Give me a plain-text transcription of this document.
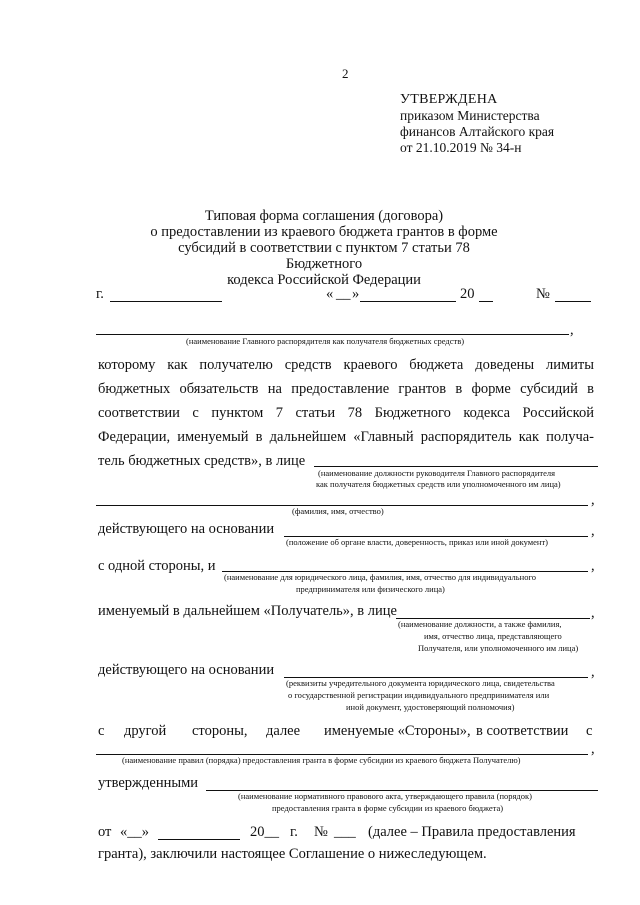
2
УТВЕРЖДЕНА
приказом Министерства
финансов Алтайского края
от 21.10.2019 № 34-н
Типовая форма соглашения (договора)
о предоставлении из краевого бюджета грантов в форме
субсидий в соответствии с пунктом 7 статьи 78 Бюджетного
кодекса Российской Федерации
г.	« __ »	20	№
,
(наименование Главного распорядителя как получателя бюджетных средств)
которому как получателю средств краевого бюджета доведены лимиты
бюджетных обязательств на предоставление грантов в форме субсидий в
соответствии с пунктом 7 статьи 78 Бюджетного кодекса Российской
Федерации, именуемый в дальнейшем «Главный распорядитель как получа-
тель бюджетных средств», в лице
(наименование должности руководителя Главного распорядителя
как получателя бюджетных средств или уполномоченного им лица)
,
(фамилия, имя, отчество)
действующего на основании	,
(положение об органе власти, доверенность, приказ или иной документ)
с одной стороны, и	,
(наименование для юридического лица, фамилия, имя, отчество для индивидуального
предпринимателя или физического лица)
именуемый в дальнейшем «Получатель», в лице	,
(наименование должности, а также фамилия,
имя, отчество лица, представляющего
Получателя, или уполномоченного им лица)
действующего на основании	,
(реквизиты учредительного документа юридического лица, свидетельства
о государственной регистрации индивидуального предпринимателя или
иной документ, удостоверяющий полномочия)
с другой стороны, далее именуемые «Стороны», в соответствии с
,
(наименование правил (порядка) предоставления гранта в форме субсидии из краевого бюджета Получателю)
утвержденными
(наименование нормативного правового акта, утверждающего правила (порядок)
предоставления гранта в форме субсидии из краевого бюджета)
от «__»	20__ г. № ___ (далее – Правила предоставления
гранта), заключили настоящее Соглашение о нижеследующем.
